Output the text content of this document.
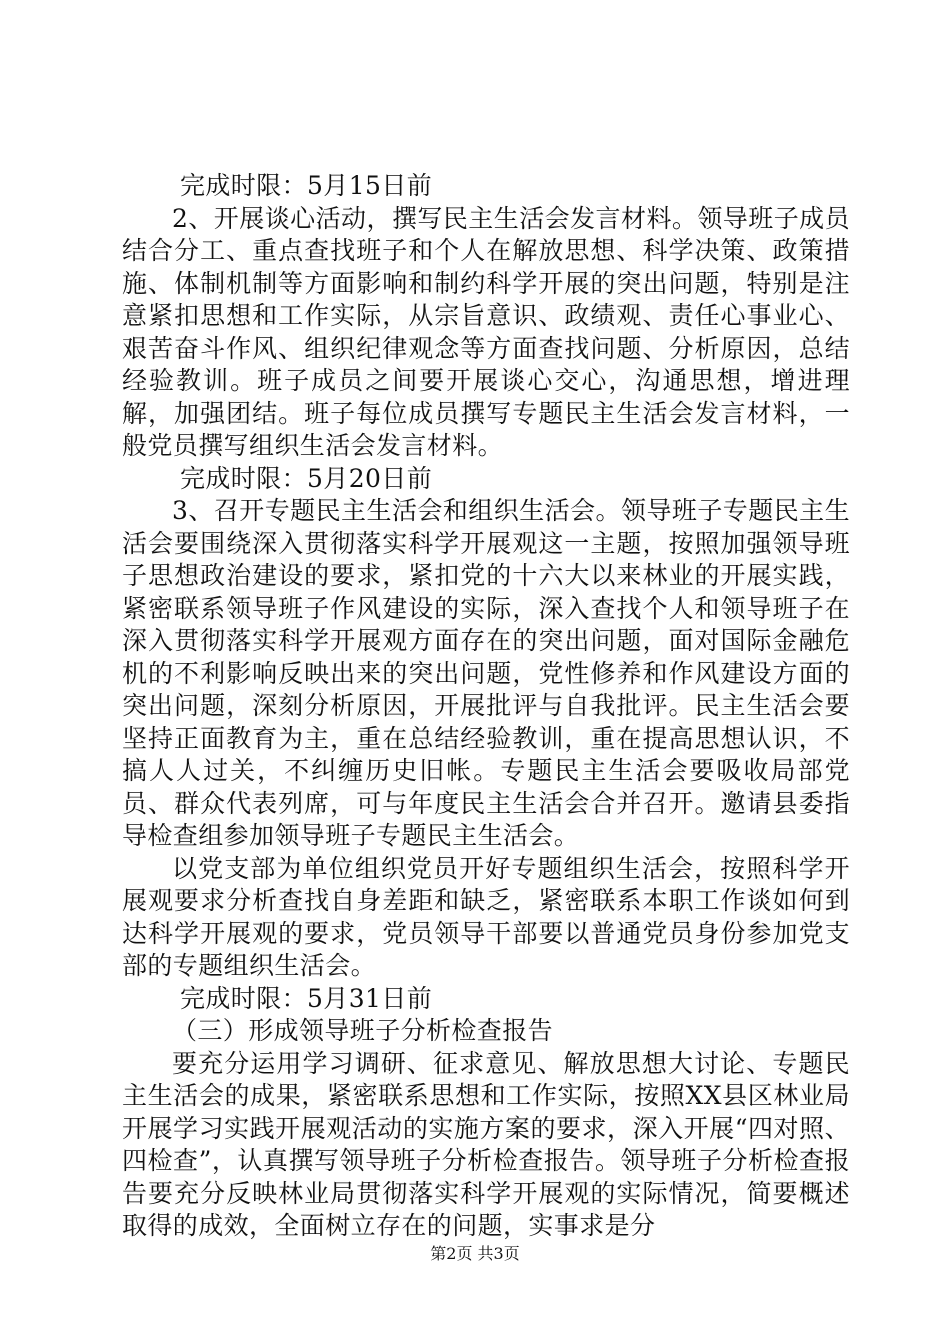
完成时限：5月15日前

2、开展谈心活动，撰写民主生活会发言材料。领导班子成员结合分工、重点查找班子和个人在解放思想、科学决策、政策措施、体制机制等方面影响和制约科学开展的突出问题，特别是注意紧扣思想和工作实际，从宗旨意识、政绩观、责任心事业心、艰苦奋斗作风、组织纪律观念等方面查找问题、分析原因，总结经验教训。班子成员之间要开展谈心交心，沟通思想，增进理解，加强团结。班子每位成员撰写专题民主生活会发言材料，一般党员撰写组织生活会发言材料。

完成时限：5月20日前

3、召开专题民主生活会和组织生活会。领导班子专题民主生活会要围绕深入贯彻落实科学开展观这一主题，按照加强领导班子思想政治建设的要求，紧扣党的十六大以来林业的开展实践，紧密联系领导班子作风建设的实际，深入查找个人和领导班子在深入贯彻落实科学开展观方面存在的突出问题，面对国际金融危机的不利影响反映出来的突出问题，党性修养和作风建设方面的突出问题，深刻分析原因，开展批评与自我批评。民主生活会要坚持正面教育为主，重在总结经验教训，重在提高思想认识，不搞人人过关，不纠缠历史旧帐。专题民主生活会要吸收局部党员、群众代表列席，可与年度民主生活会合并召开。邀请县委指导检查组参加领导班子专题民主生活会。

以党支部为单位组织党员开好专题组织生活会，按照科学开展观要求分析查找自身差距和缺乏，紧密联系本职工作谈如何到达科学开展观的要求，党员领导干部要以普通党员身份参加党支部的专题组织生活会。

完成时限：5月31日前

（三）形成领导班子分析检查报告

要充分运用学习调研、征求意见、解放思想大讨论、专题民主生活会的成果，紧密联系思想和工作实际，按照XX县区林业局开展学习实践开展观活动的实施方案的要求，深入开展“四对照、四检查”，认真撰写领导班子分析检查报告。领导班子分析检查报告要充分反映林业局贯彻落实科学开展观的实际情况，简要概述取得的成效，全面树立存在的问题，实事求是分

第2页 共3页
